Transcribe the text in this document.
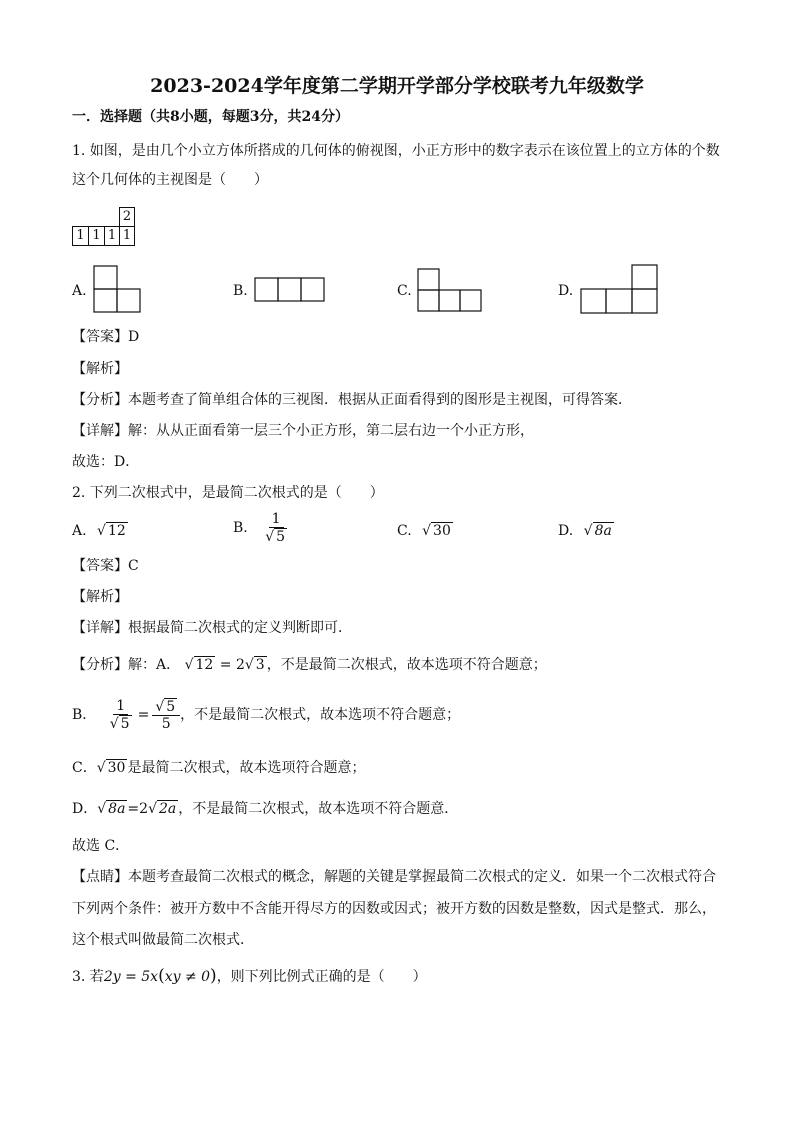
2023-2024学年度第二学期开学部分学校联考九年级数学
一．选择题（共8小题，每题3分，共24分）
1. 如图，是由几个小立方体所搭成的几何体的俯视图，小正方形中的数字表示在该位置上的立方体的个数
这个几何体的主视图是（　　）
2
1 1 1 1
A.	B.	C.	D.
【答案】D
【解析】
【分析】本题考查了简单组合体的三视图．根据从正面看得到的图形是主视图，可得答案．
【详解】解：从从正面看第一层三个小正方形，第二层右边一个小正方形，
故选：D．
2. 下列二次根式中，是最简二次根式的是（　　）
A. √ 12	B. $\frac{1}{√ 5}$	C. √ 30	D. √ 8a
【答案】C
【解析】
【详解】根据最简二次根式的定义判断即可．
【分析】解：A． √ 12 = 2√ 3 ，不是最简二次根式，故本选项不符合题意；
B． $\frac{1}{√ 5} = \frac{√ 5}{5}$ ，不是最简二次根式，故本选项不符合题意；
C．√ 30 是最简二次根式，故本选项符合题意；
D．√ 8a =2√ 2a ，不是最简二次根式，故本选项不符合题意．
故选 C．
【点睛】本题考查最简二次根式的概念，解题的关键是掌握最简二次根式的定义．如果一个二次根式符合
下列两个条件：被开方数中不含能开得尽方的因数或因式；被开方数的因数是整数，因式是整式．那么，
这个根式叫做最简二次根式．
3. 若2y = 5x(xy ≠ 0)，则下列比例式正确的是（　　）
